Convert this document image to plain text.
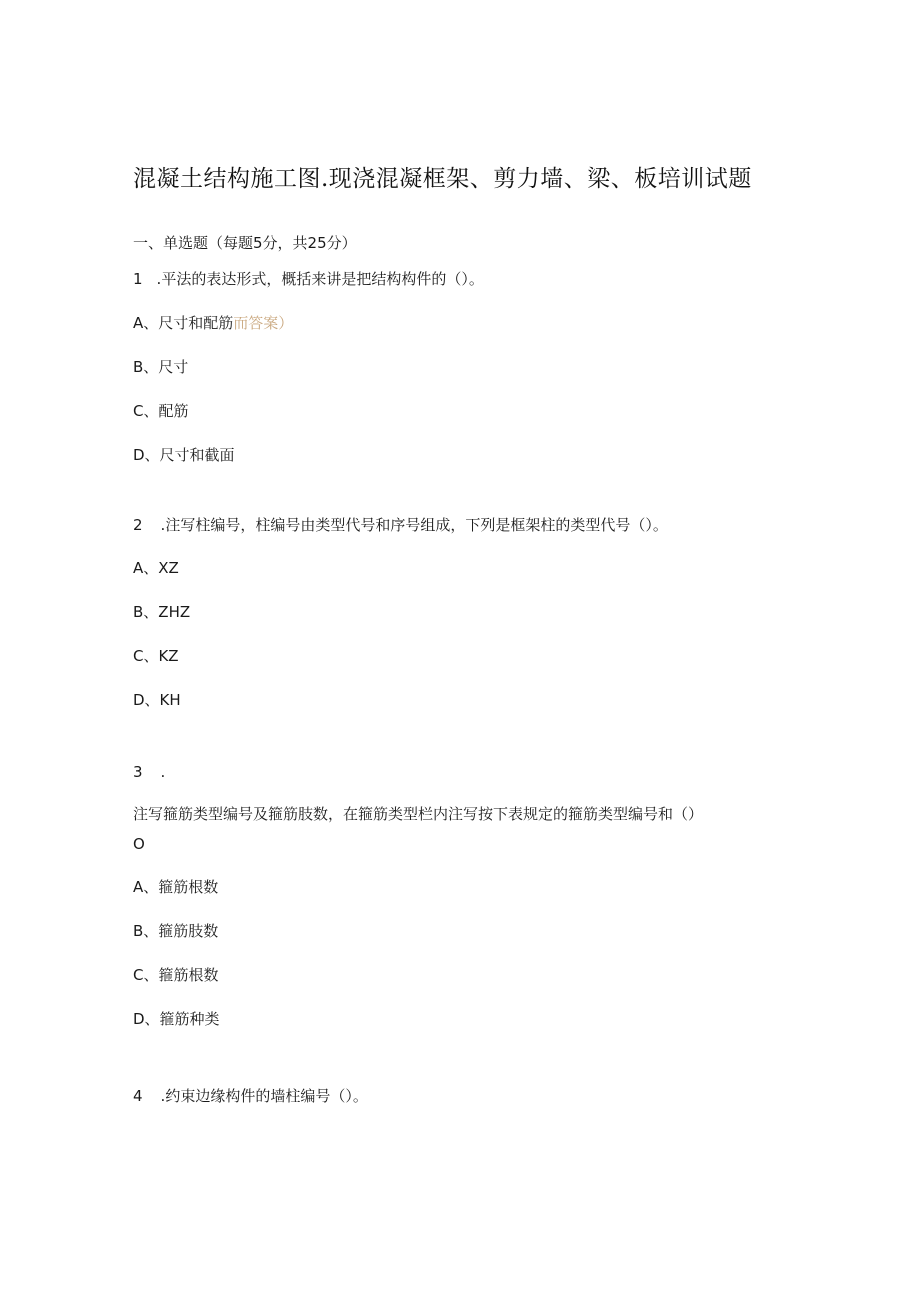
混凝土结构施工图.现浇混凝框架、剪力墙、梁、板培训试题
一、单选题（每题5分，共25分）
1 .平法的表达形式，概括来讲是把结构构件的（）。
A、尺寸和配筋而答案）
B、尺寸
C、配筋
D、尺寸和截面
2 .注写柱编号，柱编号由类型代号和序号组成，下列是框架柱的类型代号（）。
A、XZ
B、ZHZ
C、KZ
D、KH
3 .
注写箍筋类型编号及箍筋肢数，在箍筋类型栏内注写按下表规定的箍筋类型编号和（）
O
A、箍筋根数
B、箍筋肢数
C、箍筋根数
D、箍筋种类
4 .约束边缘构件的墙柱编号（）。
